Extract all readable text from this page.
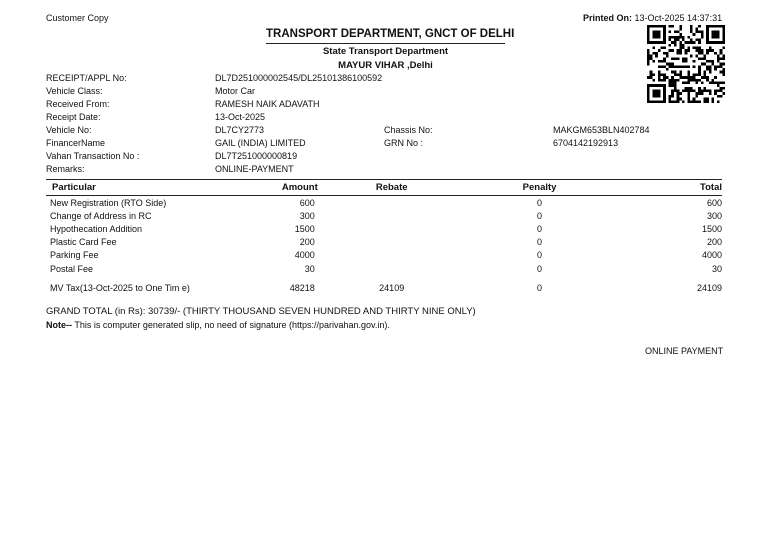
Customer Copy	Printed On: 13-Oct-2025 14:37:31
TRANSPORT DEPARTMENT, GNCT OF DELHI
State Transport Department
MAYUR VIHAR ,Delhi
RECEIPT/APPL No:	DL7D251000002545/DL25101386100592
Vehicle Class:	Motor Car
Received From:	RAMESH NAIK ADAVATH
Receipt Date:	13-Oct-2025
Vehicle No:	DL7CY2773	Chassis No:	MAKGM653BLN402784
FinancerName	GAIL (INDIA) LIMITED	GRN No :	6704142192913
Vahan Transaction No :	DL7T251000000819
Remarks:	ONLINE-PAYMENT
Particular	Amount	Rebate	Penalty	Total
New Registration (RTO Side)	600		0	600
Change of Address in RC	300		0	300
Hypothecation Addition	1500		0	1500
Plastic Card Fee	200		0	200
Parking Fee	4000		0	4000
Postal Fee	30		0	30
MV Tax(13-Oct-2025 to One Tim e)	48218	24109	0	24109
GRAND TOTAL (in Rs): 30739/- (THIRTY THOUSAND SEVEN HUNDRED AND THIRTY NINE ONLY)
Note-- This is computer generated slip, no need of signature (https://parivahan.gov.in).
ONLINE PAYMENT
